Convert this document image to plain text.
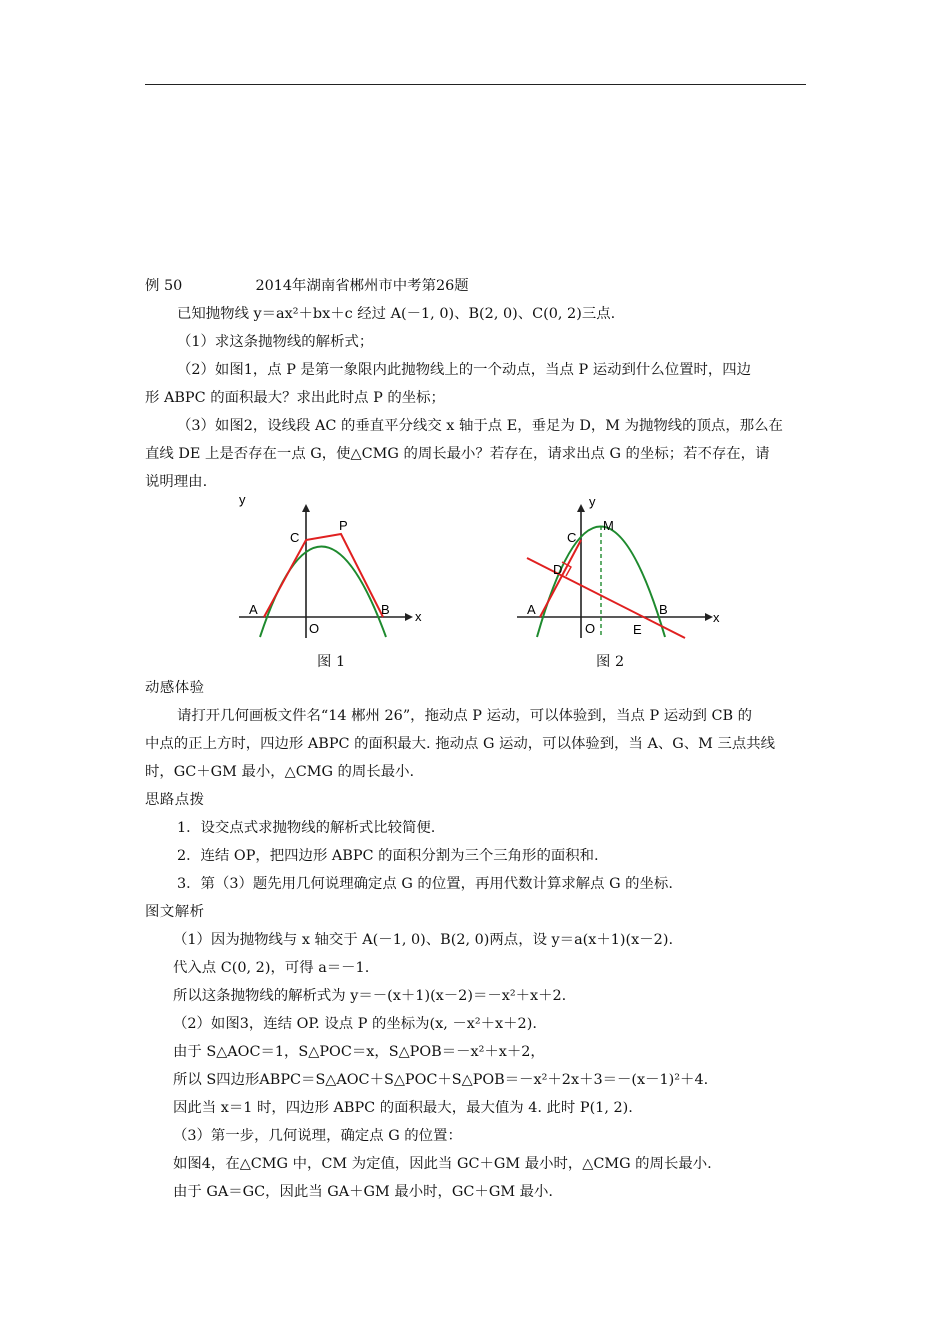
例 50	2014年湖南省郴州市中考第26题
已知抛物线 y＝ax²＋bx＋c 经过 A(－1, 0)、B(2, 0)、C(0, 2)三点.
（1）求这条抛物线的解析式；
（2）如图1，点 P 是第一象限内此抛物线上的一个动点，当点 P 运动到什么位置时，四边
形 ABPC 的面积最大？求出此时点 P 的坐标；
（3）如图2，设线段 AC 的垂直平分线交 x 轴于点 E，垂足为 D，M 为抛物线的顶点，那么在
直线 DE 上是否存在一点 G，使△CMG 的周长最小？若存在，请求出点 G 的坐标；若不存在，请
说明理由.
y
x
O
A	B
C
P
y
x
O
A	B
C
D
E
M
图 1	图 2
动感体验
请打开几何画板文件名“14 郴州 26”，拖动点 P 运动，可以体验到，当点 P 运动到 CB 的
中点的正上方时，四边形 ABPC 的面积最大. 拖动点 G 运动，可以体验到，当 A、G、M 三点共线
时，GC＋GM 最小，△CMG 的周长最小.
思路点拨
1．设交点式求抛物线的解析式比较简便.
2．连结 OP，把四边形 ABPC 的面积分割为三个三角形的面积和.
3．第（3）题先用几何说理确定点 G 的位置，再用代数计算求解点 G 的坐标.
图文解析
（1）因为抛物线与 x 轴交于 A(－1, 0)、B(2, 0)两点，设 y＝a(x＋1)(x－2).
代入点 C(0, 2)，可得 a＝－1.
所以这条抛物线的解析式为 y＝－(x＋1)(x－2)＝－x²＋x＋2.
（2）如图3，连结 OP. 设点 P 的坐标为(x, －x²＋x＋2).
由于 S△AOC＝1，S△POC＝x，S△POB＝－x²＋x＋2，
所以 S四边形ABPC＝S△AOC＋S△POC＋S△POB＝－x²＋2x＋3＝－(x－1)²＋4.
因此当 x＝1 时，四边形 ABPC 的面积最大，最大值为 4. 此时 P(1, 2).
（3）第一步，几何说理，确定点 G 的位置：
如图4，在△CMG 中，CM 为定值，因此当 GC＋GM 最小时，△CMG 的周长最小.
由于 GA＝GC，因此当 GA＋GM 最小时，GC＋GM 最小.
